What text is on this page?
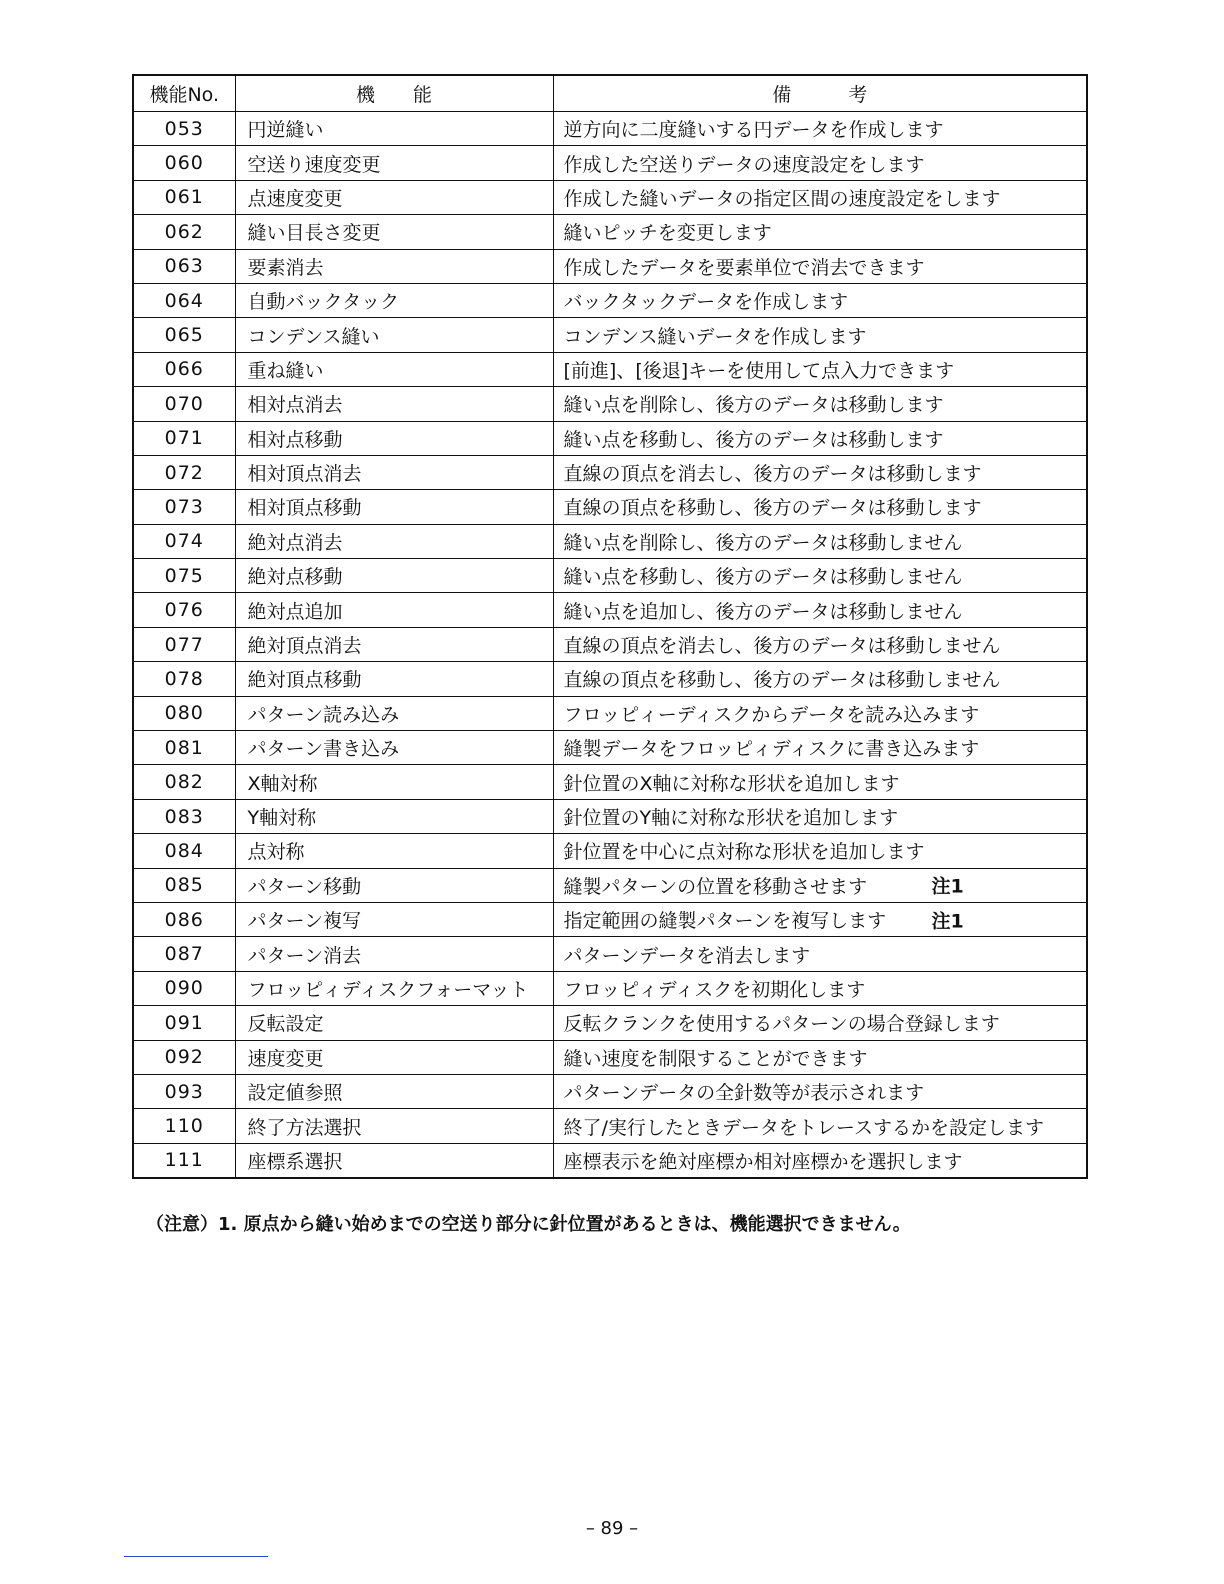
機能No.	機　　能	備　　　考
053	円逆縫い	逆方向に二度縫いする円データを作成します
060	空送り速度変更	作成した空送りデータの速度設定をします
061	点速度変更	作成した縫いデータの指定区間の速度設定をします
062	縫い目長さ変更	縫いピッチを変更します
063	要素消去	作成したデータを要素単位で消去できます
064	自動バックタック	バックタックデータを作成します
065	コンデンス縫い	コンデンス縫いデータを作成します
066	重ね縫い	[前進]、[後退]キーを使用して点入力できます
070	相対点消去	縫い点を削除し、後方のデータは移動します
071	相対点移動	縫い点を移動し、後方のデータは移動します
072	相対頂点消去	直線の頂点を消去し、後方のデータは移動します
073	相対頂点移動	直線の頂点を移動し、後方のデータは移動します
074	絶対点消去	縫い点を削除し、後方のデータは移動しません
075	絶対点移動	縫い点を移動し、後方のデータは移動しません
076	絶対点追加	縫い点を追加し、後方のデータは移動しません
077	絶対頂点消去	直線の頂点を消去し、後方のデータは移動しません
078	絶対頂点移動	直線の頂点を移動し、後方のデータは移動しません
080	パターン読み込み	フロッピィーディスクからデータを読み込みます
081	パターン書き込み	縫製データをフロッピィディスクに書き込みます
082	X軸対称	針位置のX軸に対称な形状を追加します
083	Y軸対称	針位置のY軸に対称な形状を追加します
084	点対称	針位置を中心に点対称な形状を追加します
085	パターン移動	縫製パターンの位置を移動させます 注1

086	パターン複写	指定範囲の縫製パターンを複写します 注1

087	パターン消去	パターンデータを消去します
090	フロッピィディスクフォーマット	フロッピィディスクを初期化します
091	反転設定	反転クランクを使用するパターンの場合登録します
092	速度変更	縫い速度を制限することができます
093	設定値参照	パターンデータの全針数等が表示されます
110	終了方法選択	終了/実行したときデータをトレースするかを設定します
111	座標系選択	座標表示を絶対座標か相対座標かを選択します
（注意）1. 原点から縫い始めまでの空送り部分に針位置があるときは、機能選択できません。
– 89 –
